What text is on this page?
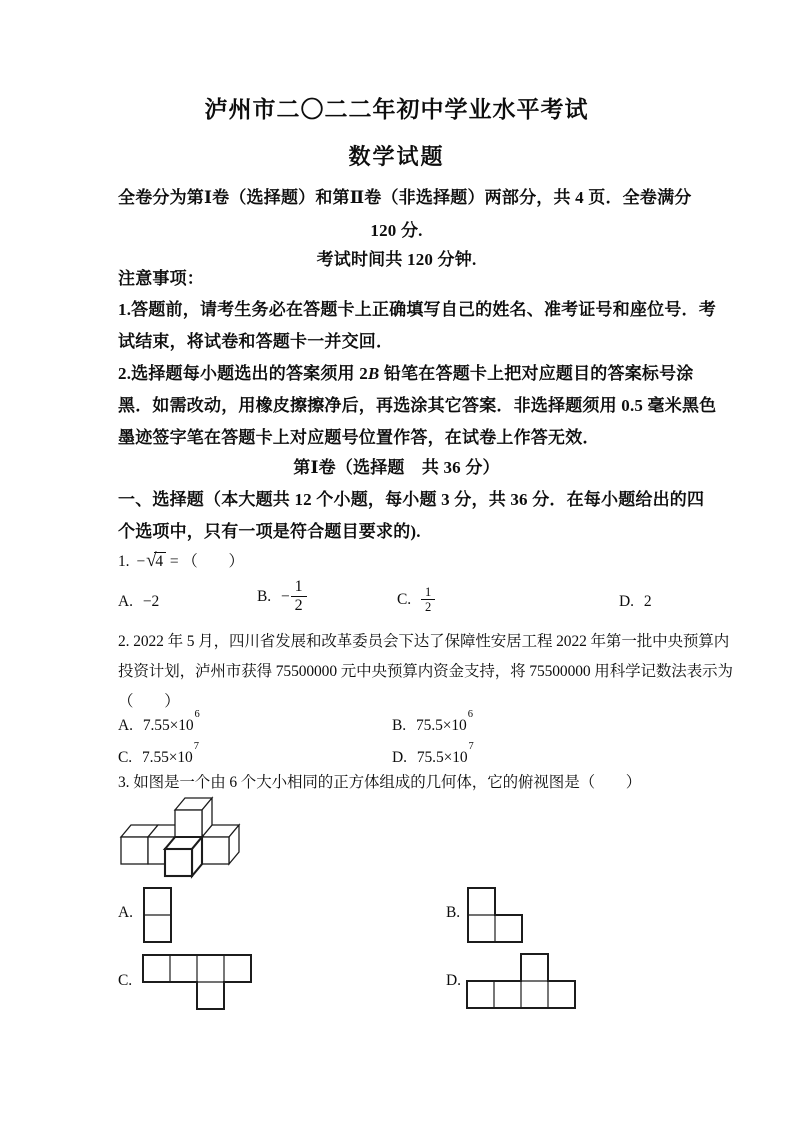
泸州市二〇二二年初中学业水平考试
数学试题
全卷分为第Ⅰ卷（选择题）和第Ⅱ卷（非选择题）两部分，共 4 页．全卷满分
120 分.
考试时间共 120 分钟.
注意事项：
1.答题前，请考生务必在答题卡上正确填写自己的姓名、准考证号和座位号．考
试结束，将试卷和答题卡一并交回．
2.选择题每小题选出的答案须用 2B 铅笔在答题卡上把对应题目的答案标号涂
黑．如需改动，用橡皮擦擦净后，再选涂其它答案．非选择题须用 0.5 毫米黑色
墨迹签字笔在答题卡上对应题号位置作答，在试卷上作答无效．
第Ⅰ卷（选择题　共 36 分）
一、选择题（本大题共 12 个小题，每小题 3 分，共 36 分．在每小题给出的四
个选项中，只有一项是符合题目要求的).
1. −√4 = （　　）
A. −2	B. − $\frac{1}{2}$	C. $\frac{1}{2}$	D. 2
2. 2022 年 5 月，四川省发展和改革委员会下达了保障性安居工程 2022 年第一批中央预算内
投资计划，泸州市获得 75500000 元中央预算内资金支持，将 75500000 用科学记数法表示为
（　　）
A. $7.55\times 10^6$
B. $75.5\times 10^6$
C. $7.55\times 10^7$
D. $75.5\times 10^7$
3. 如图是一个由 6 个大小相同的正方体组成的几何体，它的俯视图是（　　）
A.	B.
C.	D.
